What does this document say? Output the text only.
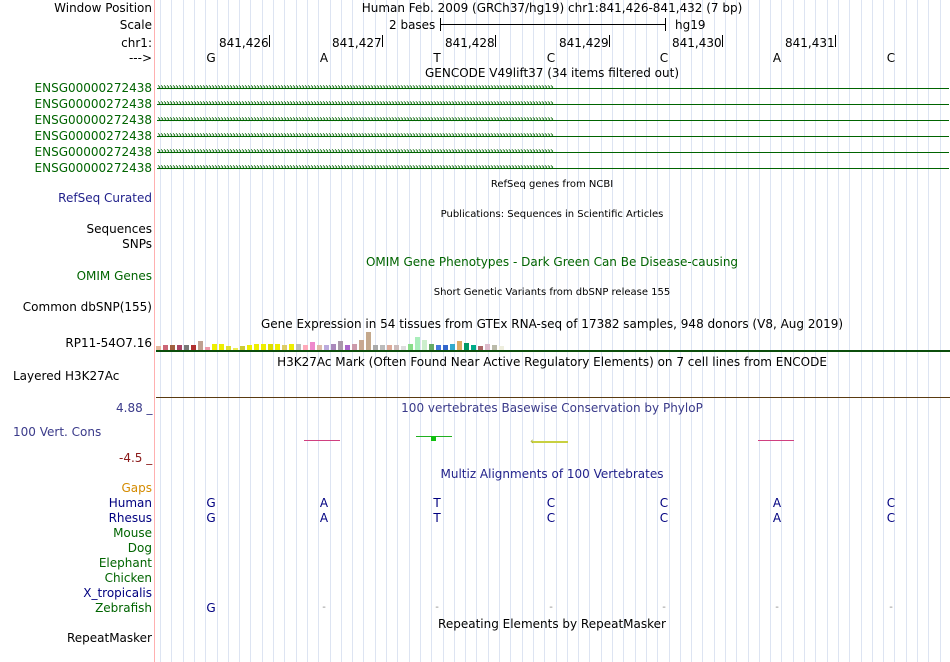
Window Position	Human Feb. 2009 (GRCh37/hg19) chr1:841,426-841,432 (7 bp)
Scale	2 bases	hg19
chr1:	841,426	841,427	841,428	841,429	841,430	841,431
--->	G	A	T	C	C	A	C
GENCODE V49lift37 (34 items filtered out)
ENSG00000272438 ››››››››››››››››››››››››››››››››››››››››››››››››››››››››››››››››››››››››››››››››››››››››››››››››››››››››››››››››››››››››››››››››››››
ENSG00000272438 ››››››››››››››››››››››››››››››››››››››››››››››››››››››››››››››››››››››››››››››››››››››››››››››››››››››››››››››››››››››››››››››››››››
ENSG00000272438 ››››››››››››››››››››››››››››››››››››››››››››››››››››››››››››››››››››››››››››››››››››››››››››››››››››››››››››››››››››››››››››››››››››
ENSG00000272438 ››››››››››››››››››››››››››››››››››››››››››››››››››››››››››››››››››››››››››››››››››››››››››››››››››››››››››››››››››››››››››››››››››››
ENSG00000272438 ››››››››››››››››››››››››››››››››››››››››››››››››››››››››››››››››››››››››››››››››››››››››››››››››››››››››››››››››››››››››››››››››››››
ENSG00000272438 ››››››››››››››››››››››››››››››››››››››››››››››››››››››››››››››››››››››››››››››››››››››››››››››››››››››››››››››››››››››››››››››››››››
RefSeq genes from NCBI
RefSeq Curated
Publications: Sequences in Scientific Articles
Sequences
SNPs
OMIM Gene Phenotypes - Dark Green Can Be Disease-causing
OMIM Genes
Short Genetic Variants from dbSNP release 155
Common dbSNP(155)
Gene Expression in 54 tissues from GTEx RNA-seq of 17382 samples, 948 donors (V8, Aug 2019)
RP11-54O7.16
H3K27Ac Mark (Often Found Near Active Regulatory Elements) on 7 cell lines from ENCODE
Layered H3K27Ac
100 vertebrates Basewise Conservation by PhyloP
4.88 _
100 Vert. Cons
-4.5 _
‹
Multiz Alignments of 100 Vertebrates
Gaps
Human	G	A	T	C	C	A	C
Rhesus	G	A	T	C	C	A	C
Mouse
Dog
Elephant
Chicken
X_tropicalis
Zebrafish	G	-	-	-	-	-	-
Repeating Elements by RepeatMasker
RepeatMasker
